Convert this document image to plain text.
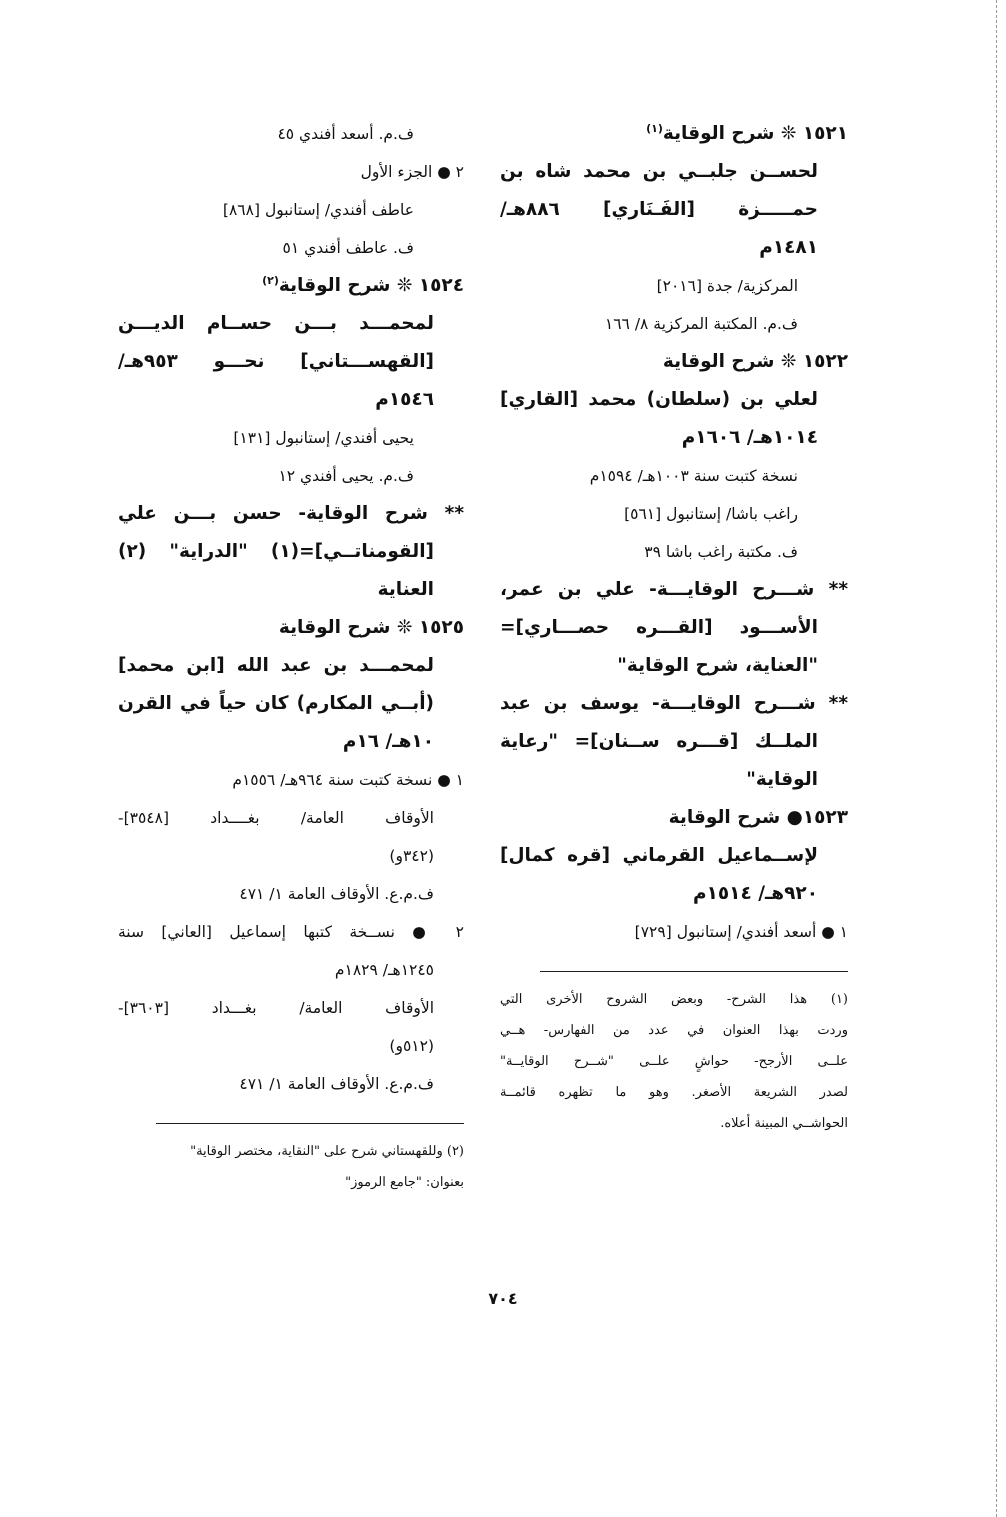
١٥٢١ ❊ شرح الوقاية$^{(١)}$
لحســن جلبــي بن محمد شاه بن
حمـــــزة [الفَـنَاري] ٨٨٦هـ/
١٤٨١م
المركزية/ جدة [٢٠١٦]
ف.م. المكتبة المركزية ٨/ ١٦٦
١٥٢٢ ❊ شرح الوقاية
لعلي بن (سلطان) محمد [القاري]
١٠١٤هـ/ ١٦٠٦م
نسخة كتبت سنة ١٠٠٣هـ/ ١٥٩٤م
راغب باشا/ إستانبول [٥٦١]
ف. مكتبة راغب باشا ٣٩
** شـــرح الوقايـــة- علي بن عمر،
الأســـود [القـــره حصـــاري]=
"العناية، شرح الوقاية"
** شـــرح الوقايـــة- يوسف بن عبد
الملــك [قـــره ســنان]= "رعاية
الوقاية"
١٥٢٣● شرح الوقاية
لإســماعيل القرماني [قره كمال]
٩٢٠هـ/ ١٥١٤م
١ ● أسعد أفندي/ إستانبول [٧٢٩]
(١) هذا الشرح- وبعض الشروح الأخرى التي
وردت بهذا العنوان في عدد من الفهارس- هــي
علــى الأرجح- حواشٍ علــى "شــرح الوقايــة"
لصدر الشريعة الأصغر. وهو ما تظهره قائمــة
الحواشــي المبينة أعلاه.
ف.م. أسعد أفندي ٤٥
٢ ● الجزء الأول
عاطف أفندي/ إستانبول [٨٦٨]
ف. عاطف أفندي ٥١
١٥٢٤ ❊ شرح الوقاية$^{(٢)}$
لمحمـــد بـــن حســام الديـــن
[القهســـتاني] نحـــو ٩٥٣هـ/
١٥٤٦م
يحيى أفندي/ إستانبول [١٣١]
ف.م. يحيى أفندي ١٢
** شرح الوقاية- حسن بـــن علي
[القومناتــي]=(١) "الدراية" (٢)
العناية
١٥٢٥ ❊ شرح الوقاية
لمحمـــد بن عبد الله [ابن محمد]
(أبــي المكارم) كان حياً في القرن
١٠هـ/ ١٦م
١ ● نسخة كتبت سنة ٩٦٤هـ/ ١٥٥٦م
الأوقاف العامة/ بغــــداد [٣٥٤٨]-
(٣٤٢و)
ف.م.ع. الأوقاف العامة ١/ ٤٧١
٢ ● نســخة كتبها إسماعيل [العاني] سنة
١٢٤٥هـ/ ١٨٢٩م
الأوقاف العامة/ بغـــداد [٣٦٠٣]-
(٥١٢و)
ف.م.ع. الأوقاف العامة ١/ ٤٧١
(٢) وللقهستاني شرح على "النقاية، مختصر الوقاية"
بعنوان: "جامع الرموز"
٧٠٤
